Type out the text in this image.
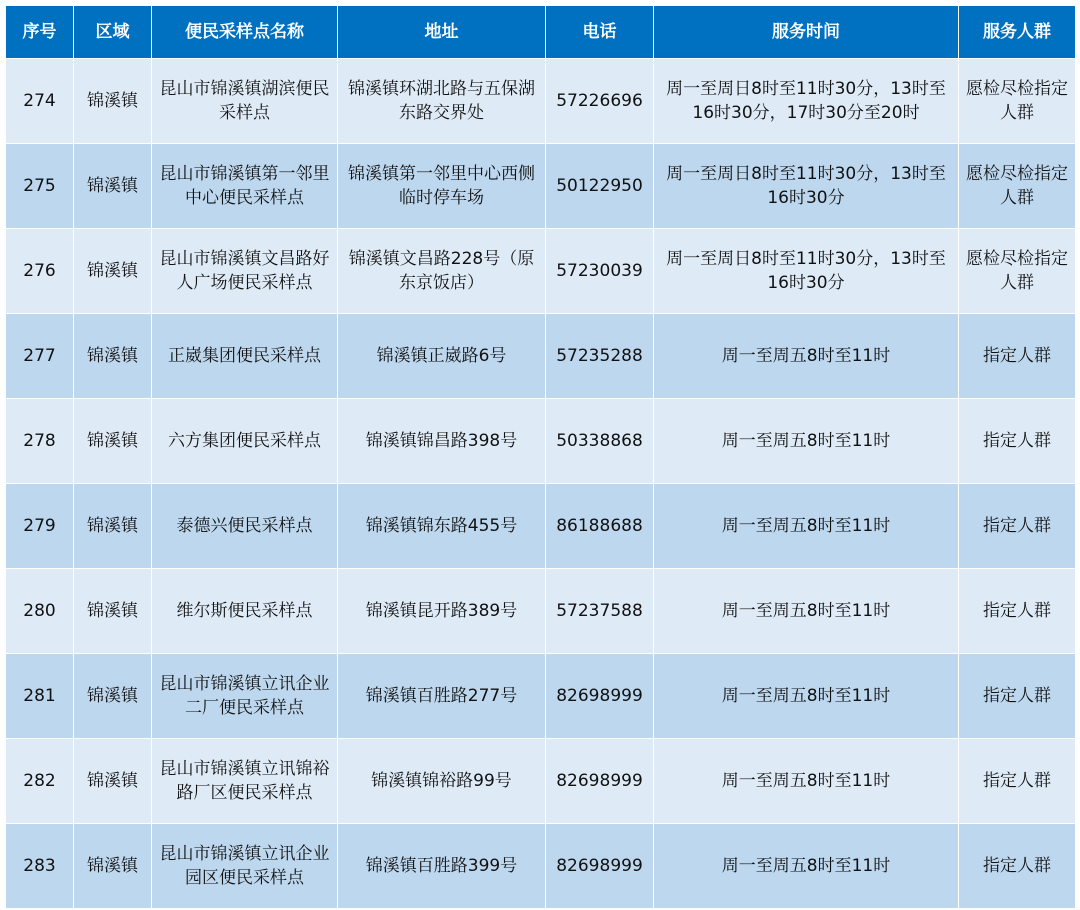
序号	区域	便民采样点名称	地址	电话	服务时间	服务人群
274	锦溪镇	昆山市锦溪镇湖滨便民采样点	锦溪镇环湖北路与五保湖东路交界处	57226696	周一至周日8时至11时30分，13时至16时30分，17时30分至20时	愿检尽检指定人群
275	锦溪镇	昆山市锦溪镇第一邻里中心便民采样点	锦溪镇第一邻里中心西侧临时停车场	50122950	周一至周日8时至11时30分，13时至16时30分	愿检尽检指定人群
276	锦溪镇	昆山市锦溪镇文昌路好人广场便民采样点	锦溪镇文昌路228号（原东京饭店）	57230039	周一至周日8时至11时30分，13时至16时30分	愿检尽检指定人群
277	锦溪镇	正崴集团便民采样点	锦溪镇正崴路6号	57235288	周一至周五8时至11时	指定人群
278	锦溪镇	六方集团便民采样点	锦溪镇锦昌路398号	50338868	周一至周五8时至11时	指定人群
279	锦溪镇	泰德兴便民采样点	锦溪镇锦东路455号	86188688	周一至周五8时至11时	指定人群
280	锦溪镇	维尔斯便民采样点	锦溪镇昆开路389号	57237588	周一至周五8时至11时	指定人群
281	锦溪镇	昆山市锦溪镇立讯企业二厂便民采样点	锦溪镇百胜路277号	82698999	周一至周五8时至11时	指定人群
282	锦溪镇	昆山市锦溪镇立讯锦裕路厂区便民采样点	锦溪镇锦裕路99号	82698999	周一至周五8时至11时	指定人群
283	锦溪镇	昆山市锦溪镇立讯企业园区便民采样点	锦溪镇百胜路399号	82698999	周一至周五8时至11时	指定人群
